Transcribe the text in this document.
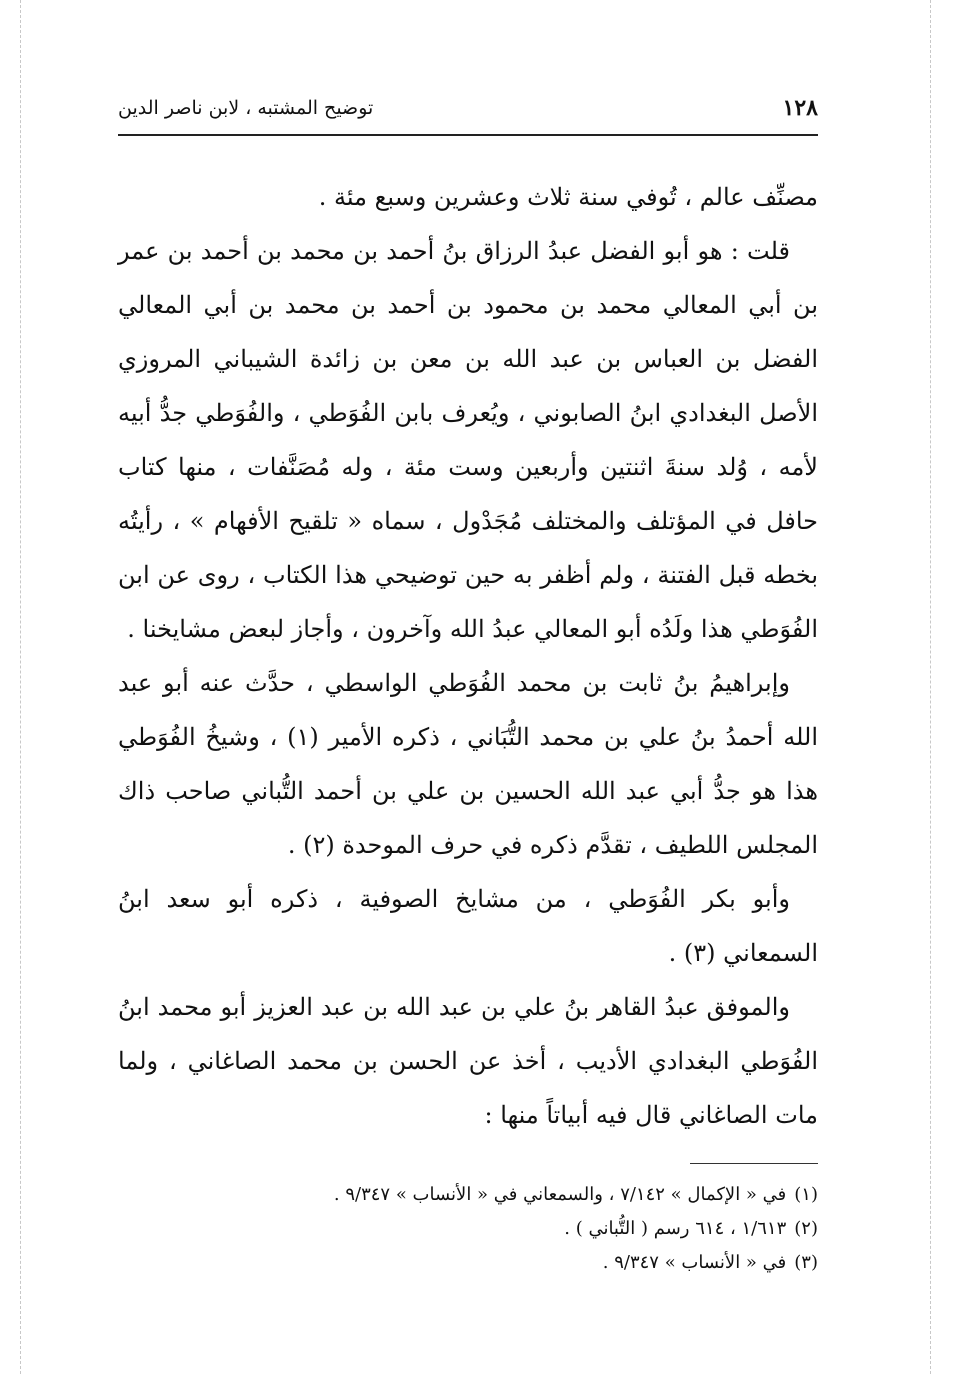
١٢٨
توضيح المشتبه ، لابن ناصر الدين

مصنِّف عالم ، تُوفي سنة ثلاث وعشرين وسبع مئة .

قلت : هو أبو الفضل عبدُ الرزاق بنُ أحمد بن محمد بن أحمد بن عمر بن أبي المعالي محمد بن محمود بن أحمد بن محمد بن أبي المعالي الفضل بن العباس بن عبد الله بن معن بن زائدة الشيباني المروزي الأصل البغدادي ابنُ الصابوني ، ويُعرف بابن الفُوَطي ، والفُوَطي جدُّ أبيه لأمه ، وُلد سنةَ اثنتين وأربعين وست مئة ، وله مُصَنَّفات ، منها كتاب حافل في المؤتلف والمختلف مُجَدْول ، سماه « تلقيح الأفهام » ، رأيتُه بخطه قبل الفتنة ، ولم أظفر به حين توضيحي هذا الكتاب ، روى عن ابن الفُوَطي هذا ولَدُه أبو المعالي عبدُ الله وآخرون ، وأجاز لبعض مشايخنا .

وإبراهيمُ بنُ ثابت بن محمد الفُوَطي الواسطي ، حدَّث عنه أبو عبد الله أحمدُ بنُ علي بن محمد التُّبَاني ، ذكره الأمير (١) ، وشيخُ الفُوَطي هذا هو جدُّ أبي عبد الله الحسين بن علي بن أحمد التُّباني صاحب ذاك المجلس اللطيف ، تقدَّم ذكره في حرف الموحدة (٢) .

وأبو بكر الفُوَطي ، من مشايخ الصوفية ، ذكره أبو سعد ابنُ السمعاني (٣) .

والموفق عبدُ القاهر بنُ علي بن عبد الله بن عبد العزيز أبو محمد ابنُ الفُوَطي البغدادي الأديب ، أخذ عن الحسن بن محمد الصاغاني ، ولما مات الصاغاني قال فيه أبياتاً منها :

(١)
في « الإكمال » ٧/١٤٢ ، والسمعاني في « الأنساب » ٩/٣٤٧ .
(٢)
١/٦١٣ ، ٦١٤ رسم ( التُّباني ) .
(٣)
في « الأنساب » ٩/٣٤٧ .
